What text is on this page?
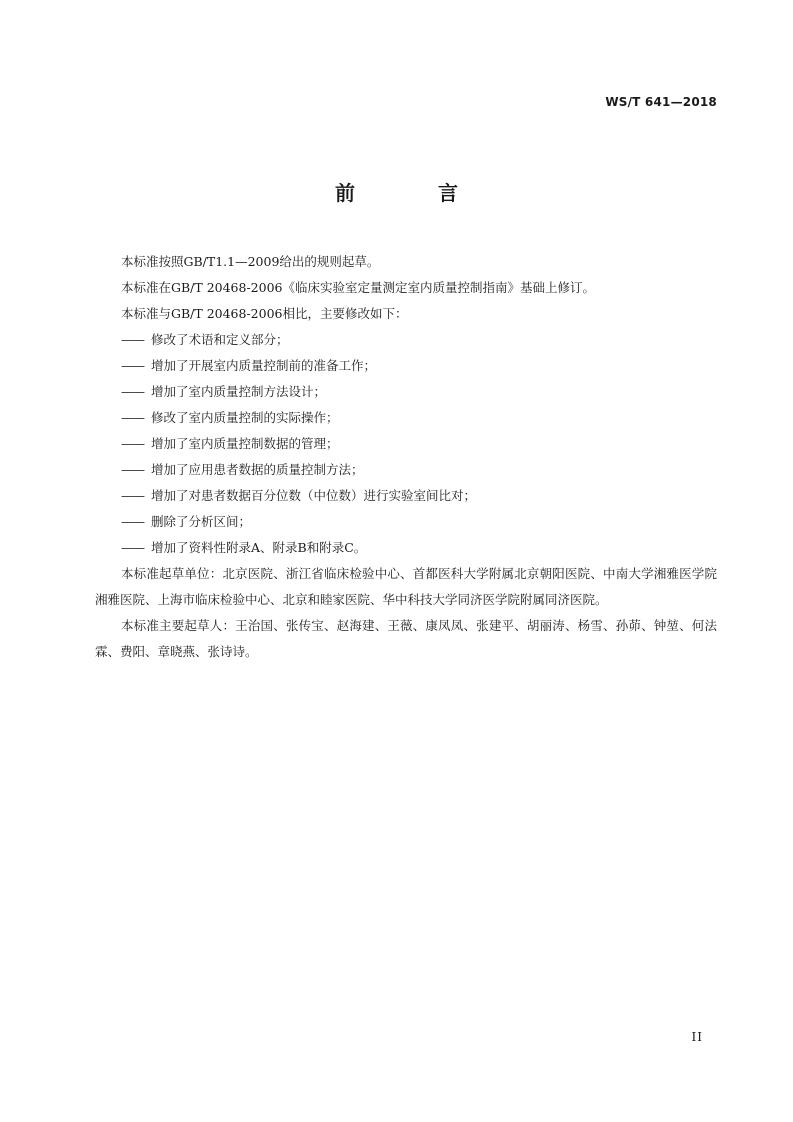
WS/T 641—2018
前 言

本标准按照GB/T1.1—2009给出的规则起草。

本标准在GB/T 20468-2006《临床实验室定量测定室内质量控制指南》基础上修订。

本标准与GB/T 20468-2006相比，主要修改如下：

—— 修改了术语和定义部分；

—— 增加了开展室内质量控制前的准备工作；

—— 增加了室内质量控制方法设计；

—— 修改了室内质量控制的实际操作；

—— 增加了室内质量控制数据的管理；

—— 增加了应用患者数据的质量控制方法；

—— 增加了对患者数据百分位数（中位数）进行实验室间比对；

—— 删除了分析区间；

—— 增加了资料性附录A、附录B和附录C。

本标准起草单位：北京医院、浙江省临床检验中心、首都医科大学附属北京朝阳医院、中南大学湘雅医学院湘雅医院、上海市临床检验中心、北京和睦家医院、华中科技大学同济医学院附属同济医院。

本标准主要起草人：王治国、张传宝、赵海建、王薇、康凤凤、张建平、胡丽涛、杨雪、孙茆、钟堃、何法霖、费阳、章晓燕、张诗诗。

II
